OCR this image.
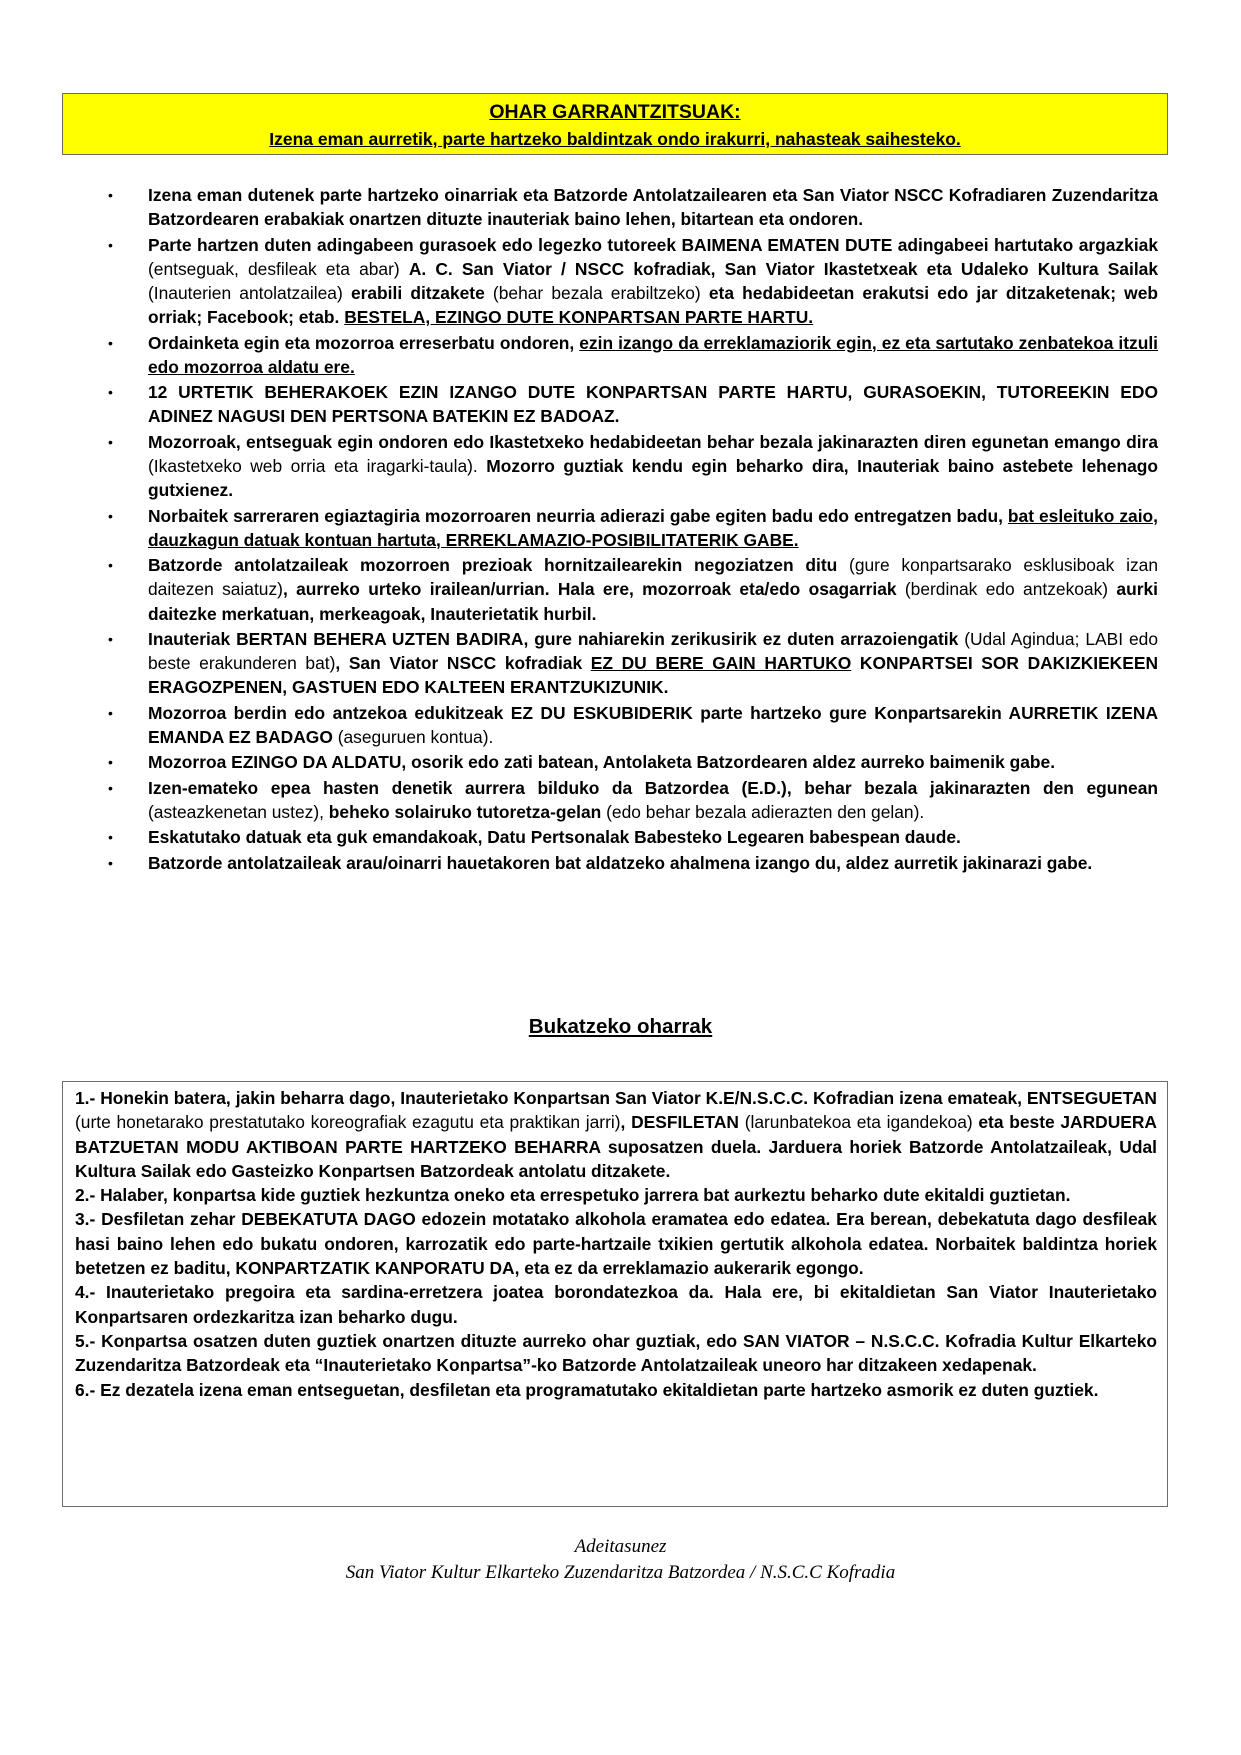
OHAR GARRANTZITSUAK:
Izena eman aurretik, parte hartzeko baldintzak ondo irakurri, nahasteak saihesteko.
• Izena eman dutenek parte hartzeko oinarriak eta Batzorde Antolatzailearen eta San Viator NSCC Kofradiaren Zuzendaritza Batzordearen erabakiak onartzen dituzte inauteriak baino lehen, bitartean eta ondoren.
• Parte hartzen duten adingabeen gurasoek edo legezko tutoreek BAIMENA EMATEN DUTE adingabeei hartutako argazkiak (entseguak, desfileak eta abar) A. C. San Viator / NSCC kofradiak, San Viator Ikastetxeak eta Udaleko Kultura Sailak (Inauterien antolatzailea) erabili ditzakete (behar bezala erabiltzeko) eta hedabideetan erakutsi edo jar ditzaketenak; web orriak; Facebook; etab. BESTELA, EZINGO DUTE KONPARTSAN PARTE HARTU.
• Ordainketa egin eta mozorroa erreserbatu ondoren, ezin izango da erreklamaziorik egin, ez eta sartutako zenbatekoa itzuli edo mozorroa aldatu ere.
• 12 URTETIK BEHERAKOEK EZIN IZANGO DUTE KONPARTSAN PARTE HARTU, GURASOEKIN, TUTOREEKIN EDO ADINEZ NAGUSI DEN PERTSONA BATEKIN EZ BADOAZ.
• Mozorroak, entseguak egin ondoren edo Ikastetxeko hedabideetan behar bezala jakinarazten diren egunetan emango dira (Ikastetxeko web orria eta iragarki-taula). Mozorro guztiak kendu egin beharko dira, Inauteriak baino astebete lehenago gutxienez.
• Norbaitek sarreraren egiaztagiria mozorroaren neurria adierazi gabe egiten badu edo entregatzen badu, bat esleituko zaio, dauzkagun datuak kontuan hartuta, ERREKLAMAZIO-POSIBILITATERIK GABE.
• Batzorde antolatzaileak mozorroen prezioak hornitzailearekin negoziatzen ditu (gure konpartsarako esklusiboak izan daitezen saiatuz), aurreko urteko irailean/urrian. Hala ere, mozorroak eta/edo osagarriak (berdinak edo antzekoak) aurki daitezke merkatuan, merkeagoak, Inauterietatik hurbil.
• Inauteriak BERTAN BEHERA UZTEN BADIRA, gure nahiarekin zerikusirik ez duten arrazoiengatik (Udal Agindua; LABI edo beste erakunderen bat), San Viator NSCC kofradiak EZ DU BERE GAIN HARTUKO KONPARTSEI SOR DAKIZKIEKEEN ERAGOZPENEN, GASTUEN EDO KALTEEN ERANTZUKIZUNIK.
• Mozorroa berdin edo antzekoa edukitzeak EZ DU ESKUBIDERIK parte hartzeko gure Konpartsarekin AURRETIK IZENA EMANDA EZ BADAGO (aseguruen kontua).
• Mozorroa EZINGO DA ALDATU, osorik edo zati batean, Antolaketa Batzordearen aldez aurreko baimenik gabe.
• Izen-emateko epea hasten denetik aurrera bilduko da Batzordea (E.D.), behar bezala jakinarazten den egunean (asteazkenetan ustez), beheko solairuko tutoretza-gelan (edo behar bezala adierazten den gelan).
• Eskatutako datuak eta guk emandakoak, Datu Pertsonalak Babesteko Legearen babespean daude.
• Batzorde antolatzaileak arau/oinarri hauetakoren bat aldatzeko ahalmena izango du, aldez aurretik jakinarazi gabe.
Bukatzeko oharrak

1.- Honekin batera, jakin beharra dago, Inauterietako Konpartsan San Viator K.E/N.S.C.C. Kofradian izena emateak, ENTSEGUETAN (urte honetarako prestatutako koreografiak ezagutu eta praktikan jarri), DESFILETAN (larunbatekoa eta igandekoa) eta beste JARDUERA BATZUETAN MODU AKTIBOAN PARTE HARTZEKO BEHARRA suposatzen duela. Jarduera horiek Batzorde Antolatzaileak, Udal Kultura Sailak edo Gasteizko Konpartsen Batzordeak antolatu ditzakete.

2.- Halaber, konpartsa kide guztiek hezkuntza oneko eta errespetuko jarrera bat aurkeztu beharko dute ekitaldi guztietan.

3.- Desfiletan zehar DEBEKATUTA DAGO edozein motatako alkohola eramatea edo edatea. Era berean, debekatuta dago desfileak hasi baino lehen edo bukatu ondoren, karrozatik edo parte-hartzaile txikien gertutik alkohola edatea. Norbaitek baldintza horiek betetzen ez baditu, KONPARTZATIK KANPORATU DA, eta ez da erreklamazio aukerarik egongo.

4.- Inauterietako pregoira eta sardina-erretzera joatea borondatezkoa da. Hala ere, bi ekitaldietan San Viator Inauterietako Konpartsaren ordezkaritza izan beharko dugu.

5.- Konpartsa osatzen duten guztiek onartzen dituzte aurreko ohar guztiak, edo SAN VIATOR – N.S.C.C. Kofradia Kultur Elkarteko Zuzendaritza Batzordeak eta “Inauterietako Konpartsa”-ko Batzorde Antolatzaileak uneoro har ditzakeen xedapenak.

6.- Ez dezatela izena eman entseguetan, desfiletan eta programatutako ekitaldietan parte hartzeko asmorik ez duten guztiek.

Adeitasunez
San Viator Kultur Elkarteko Zuzendaritza Batzordea / N.S.C.C Kofradia
